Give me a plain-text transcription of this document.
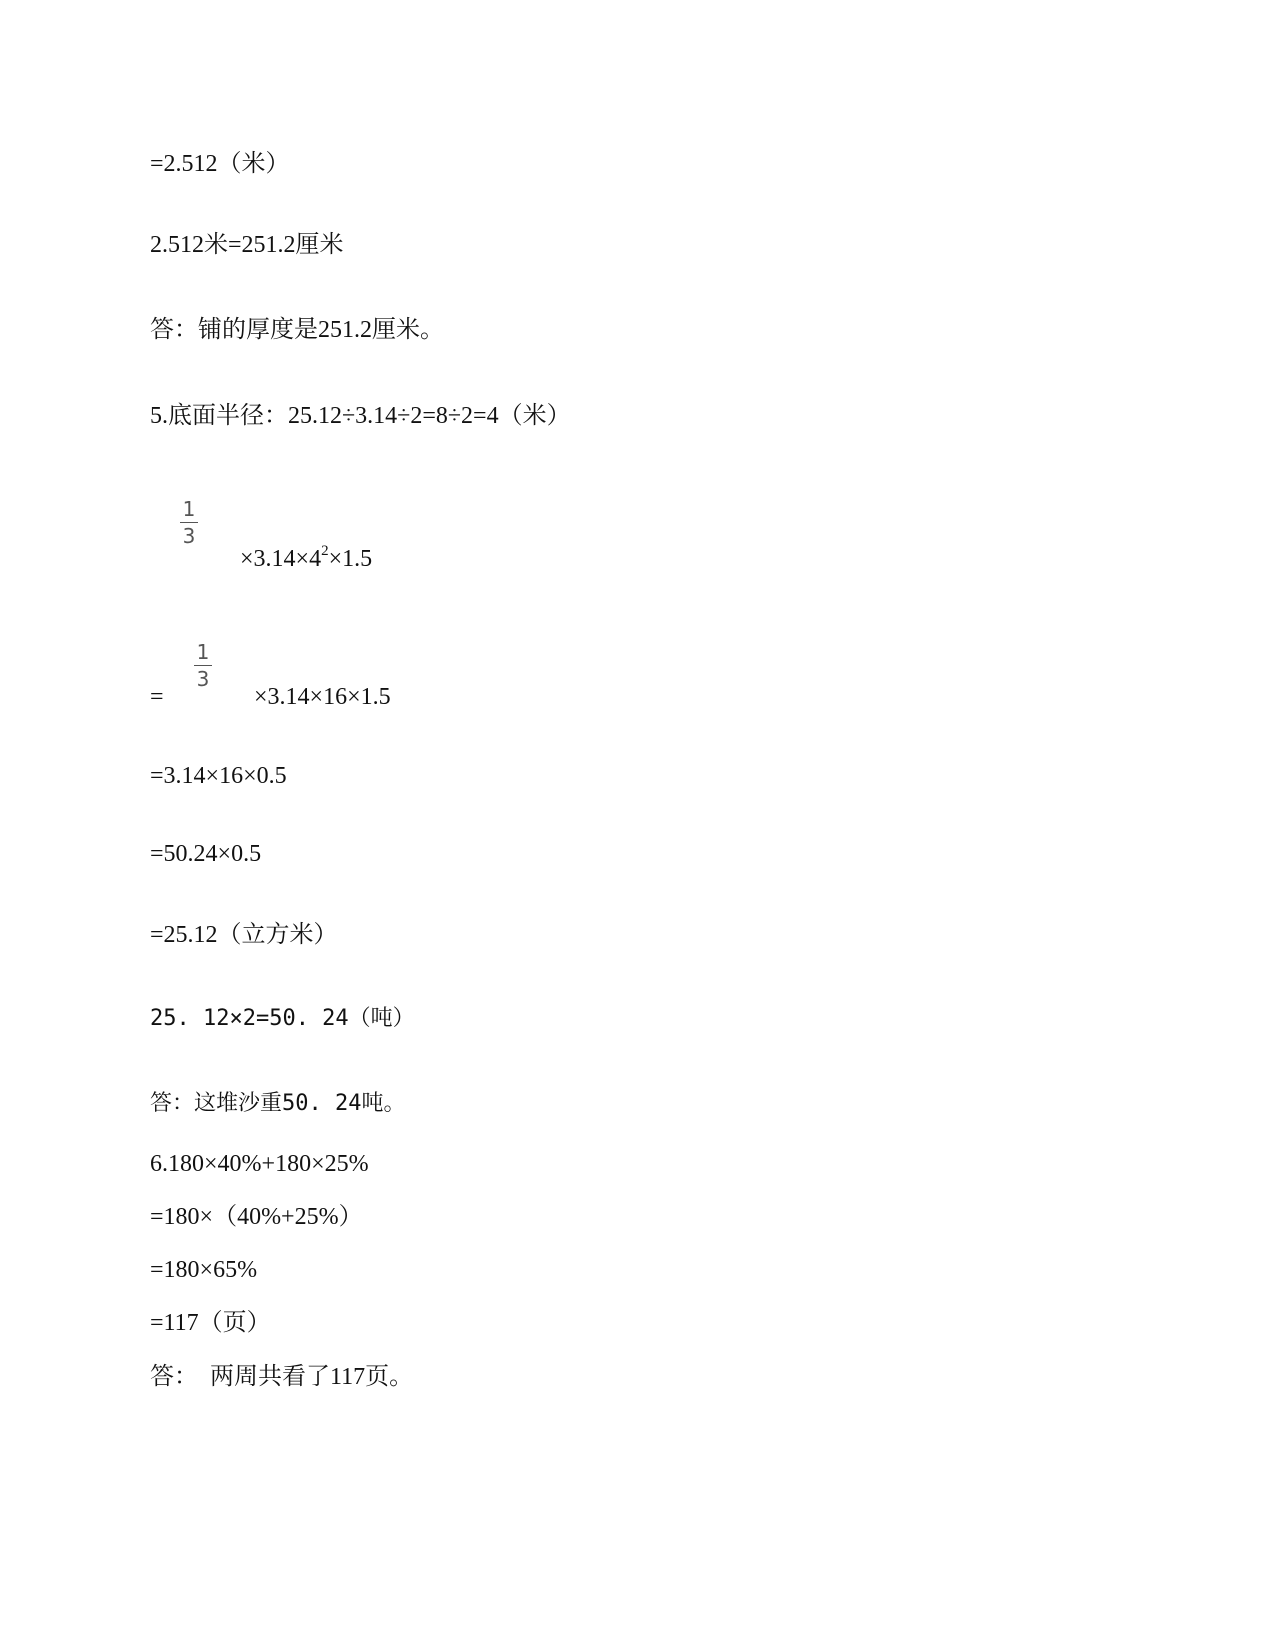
=2.512（米）
2.512米=251.2厘米
答：铺的厚度是251.2厘米。
5.底面半径：25.12÷3.14÷2=8÷2=4（米）
1
3
$\times 3.14\times 4^2\times 1.5$
=
1
3
×3.14×16×1.5
=3.14×16×0.5
=50.24×0.5
=25.12（立方米）
25. 12×2=50. 24（吨）
答：这堆沙重50. 24吨。
6.180×40%+180×25%
=180×（40%+25%）
=180×65%
=117（页）
答：  两周共看了117页。
